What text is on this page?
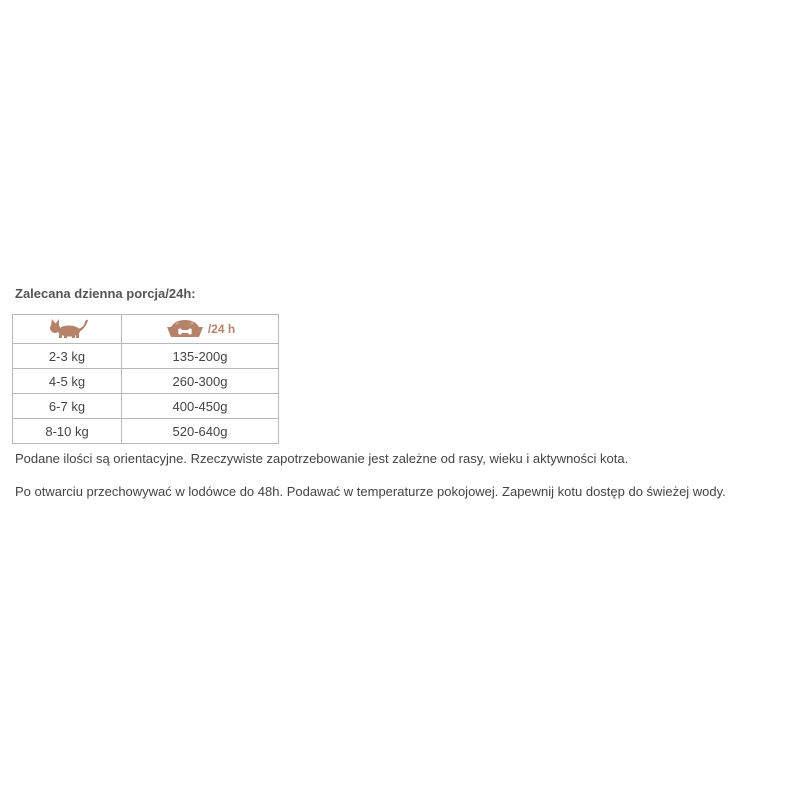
Zalecana dzienna porcja/24h:

/24 h

2-3 kg	135-200g
4-5 kg	260-300g
6-7 kg	400-450g
8-10 kg	520-640g
Podane ilości są orientacyjne. Rzeczywiste zapotrzebowanie jest zależne od rasy, wieku i aktywności kota.
Po otwarciu przechowywać w lodówce do 48h. Podawać w temperaturze pokojowej. Zapewnij kotu dostęp do świeżej wody.
